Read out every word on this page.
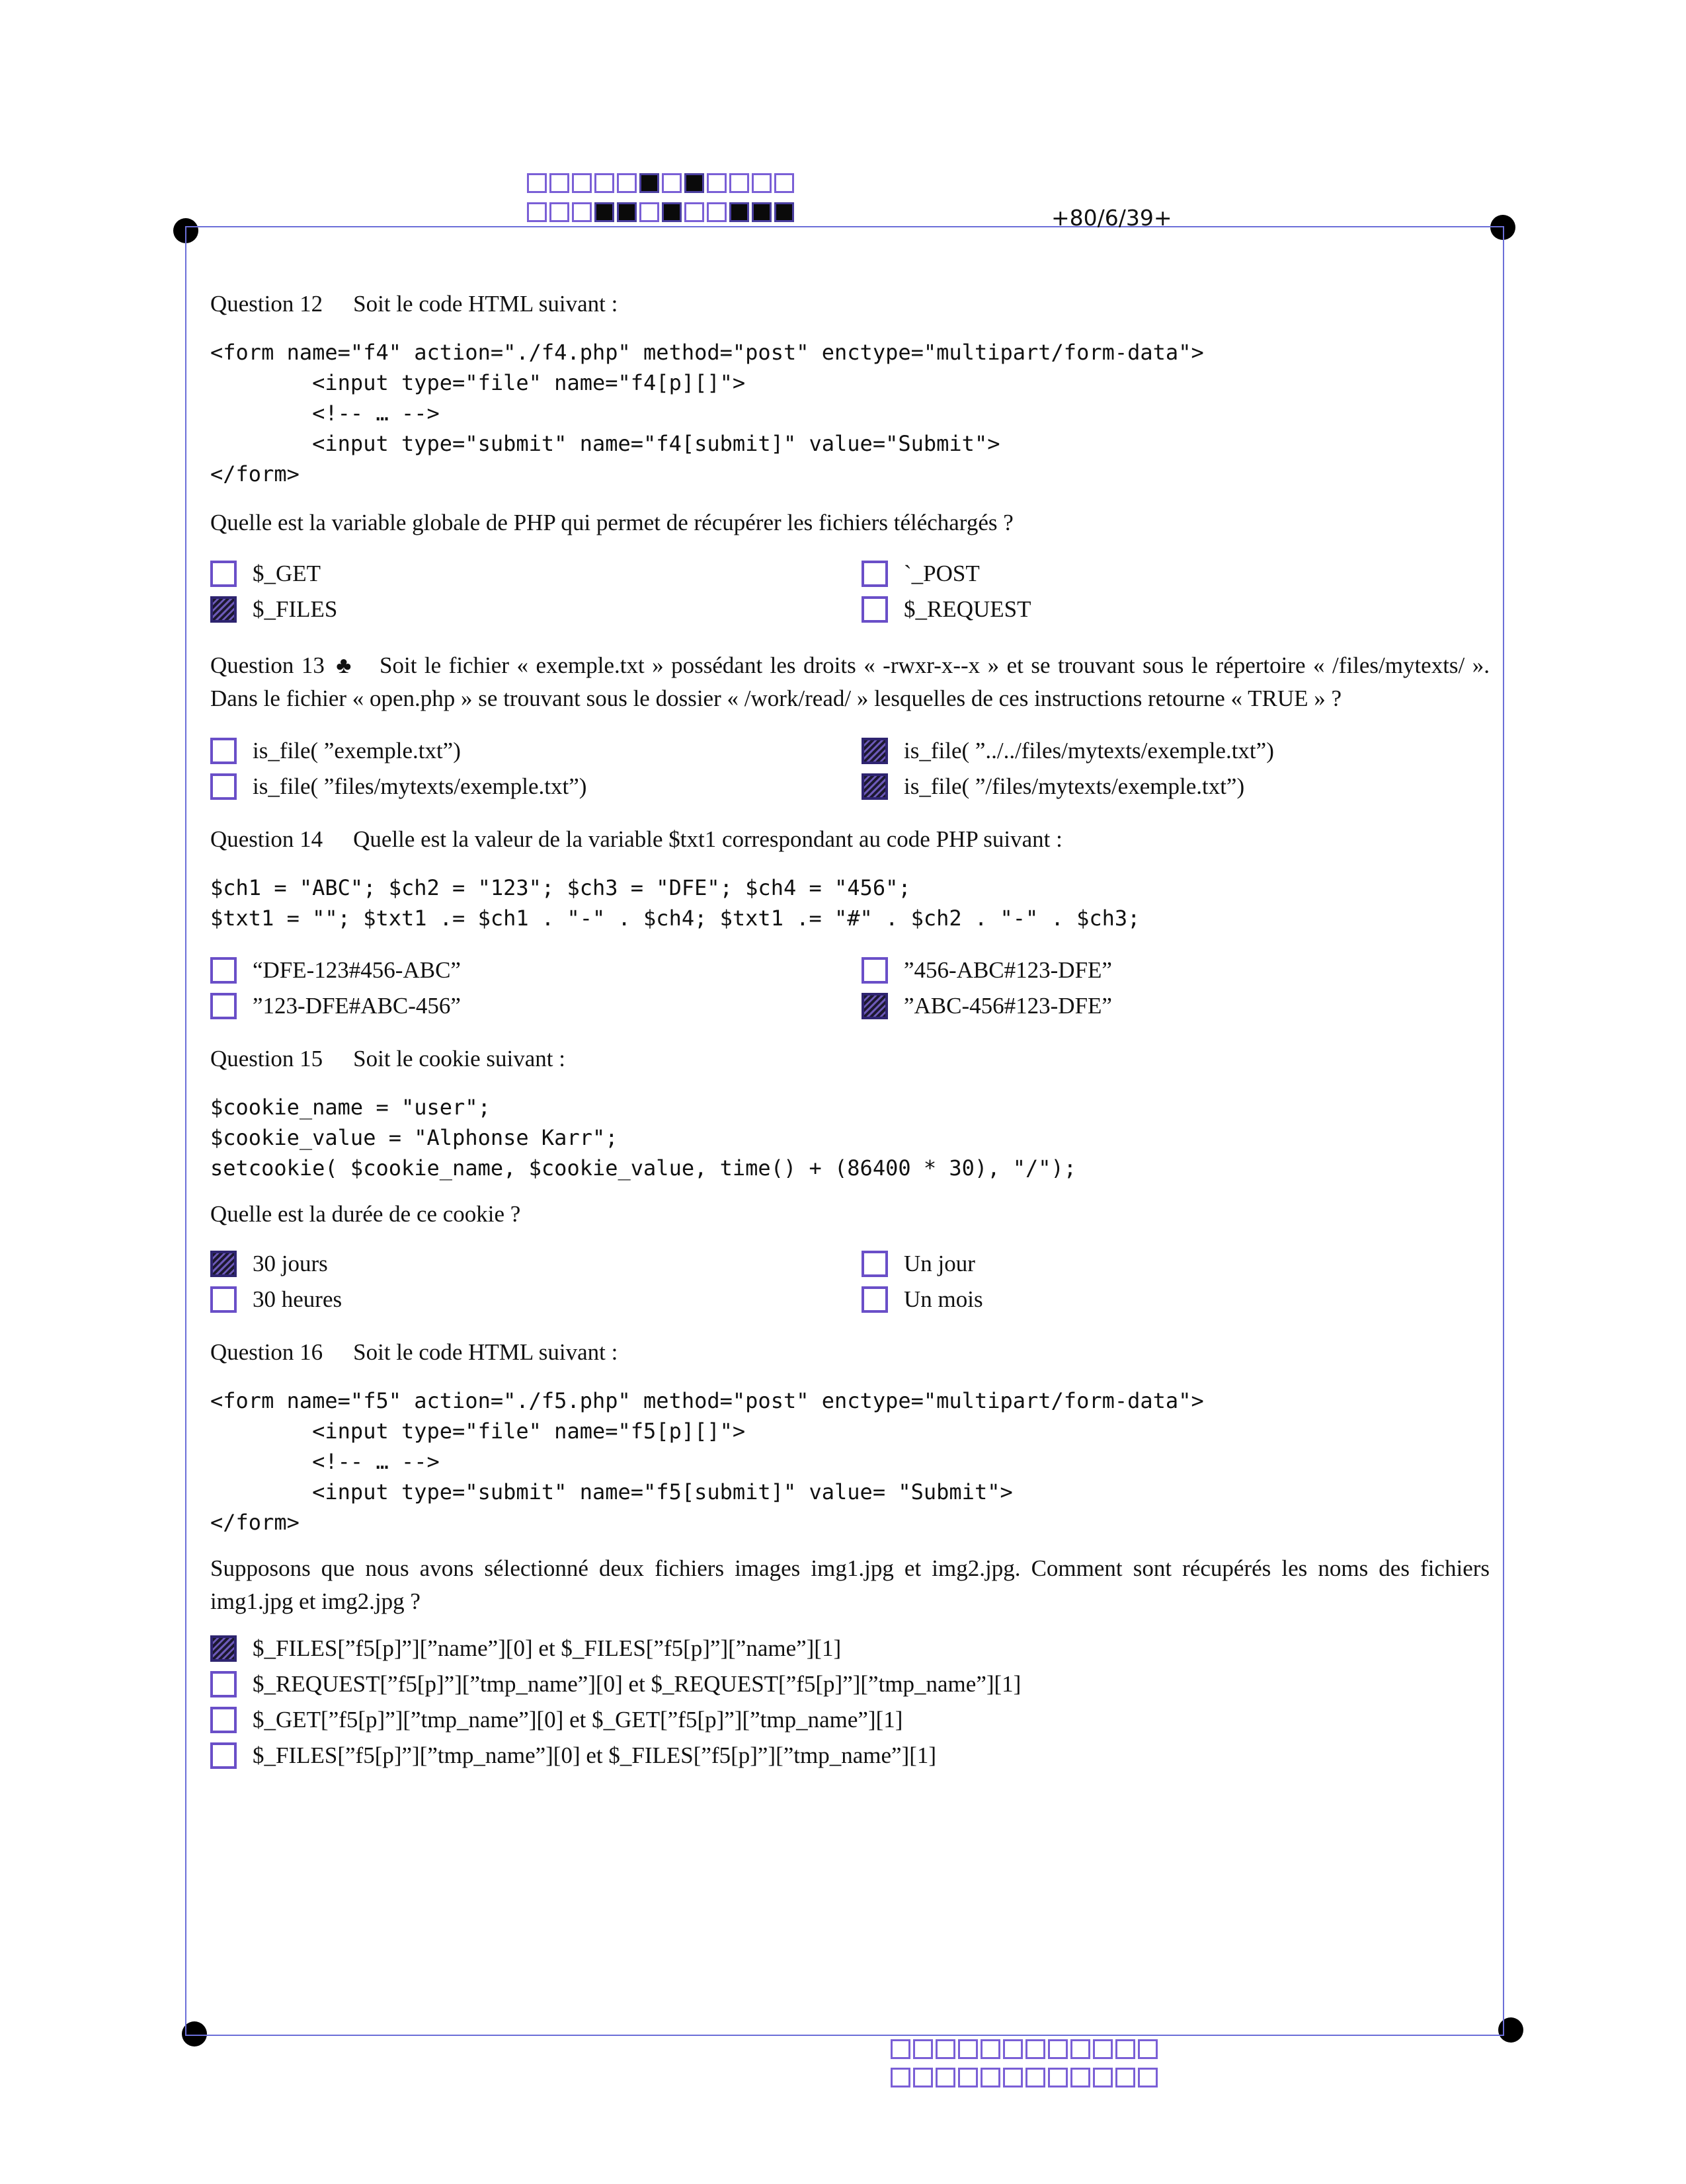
+80/6/39+

Question 12 Soit le code HTML suivant :

<form name="f4" action="./f4.php" method="post" enctype="multipart/form-data">
<input type="file" name="f4[p][]">
<!-- … -->
<input type="submit" name="f4[submit]" value="Submit">
</form>

Quelle est la variable globale de PHP qui permet de récupérer les fichiers téléchargés ?

$_GET	`_POST
$_FILES	$_REQUEST

Question 13 ♣ Soit le fichier « exemple.txt » possédant les droits « -rwxr-x--x » et se trouvant sous le répertoire « /files/mytexts/ ». Dans le fichier « open.php » se trouvant sous le dossier « /work/read/ » lesquelles de ces instructions retourne « TRUE » ?

is_file( ”exemple.txt”)	is_file( ”../../files/mytexts/exemple.txt”)
is_file( ”files/mytexts/exemple.txt”)	is_file( ”/files/mytexts/exemple.txt”)

Question 14 Quelle est la valeur de la variable $txt1 correspondant au code PHP suivant :

$ch1 = "ABC"; $ch2 = "123"; $ch3 = "DFE"; $ch4 = "456";
$txt1 = ""; $txt1 .= $ch1 . "-" . $ch4; $txt1 .= "#" . $ch2 . "-" . $ch3;
“DFE-123#456-ABC”	”456-ABC#123-DFE”
”123-DFE#ABC-456”	”ABC-456#123-DFE”

Question 15 Soit le cookie suivant :

$cookie_name = "user";
$cookie_value = "Alphonse Karr";
setcookie( $cookie_name, $cookie_value, time() + (86400 * 30), "/");

Quelle est la durée de ce cookie ?

30 jours	Un jour
30 heures	Un mois

Question 16 Soit le code HTML suivant :

<form name="f5" action="./f5.php" method="post" enctype="multipart/form-data">
<input type="file" name="f5[p][]">
<!-- … -->
<input type="submit" name="f5[submit]" value= "Submit">
</form>

Supposons que nous avons sélectionné deux fichiers images img1.jpg et img2.jpg. Comment sont récupérés les noms des fichiers img1.jpg et img2.jpg ?

$_FILES[”f5[p]”][”name”][0] et $_FILES[”f5[p]”][”name”][1]
$_REQUEST[”f5[p]”][”tmp_name”][0] et $_REQUEST[”f5[p]”][”tmp_name”][1]
$_GET[”f5[p]”][”tmp_name”][0] et $_GET[”f5[p]”][”tmp_name”][1]
$_FILES[”f5[p]”][”tmp_name”][0] et $_FILES[”f5[p]”][”tmp_name”][1]
